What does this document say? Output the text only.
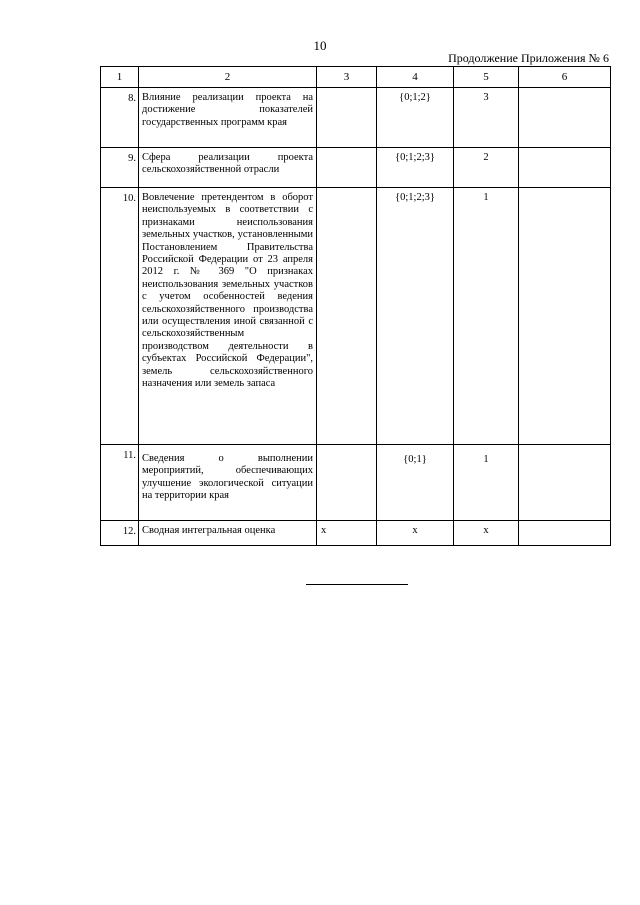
10
Продолжение Приложения № 6
1	2	3	4	5	6
8.	Влияние реализации проекта на достижение показателей государственных программ края		{0;1;2}	3	
9.	Сфера реализации проекта сельскохозяйственной отрасли		{0;1;2;3}	2	
10.	Вовлечение претендентом в оборот неиспользуемых в соответствии с признаками неиспользования земельных участков, установленными Постановлением Правительства Российской Федерации от 23 апреля 2012 г. № 369 "О признаках неиспользования земельных участков с учетом особенностей ведения сельскохозяйственного производства или осуществления иной связанной с сельскохозяйственным производством деятельности в субъектах Российской Федерации", земель сельскохозяйственного назначения или земель запаса		{0;1;2;3}	1	
11.	Сведения о выполнении мероприятий, обеспечивающих улучшение экологической ситуации на территории края		{0;1}	1	
12.	Сводная интегральная оценка	x	x	x	
